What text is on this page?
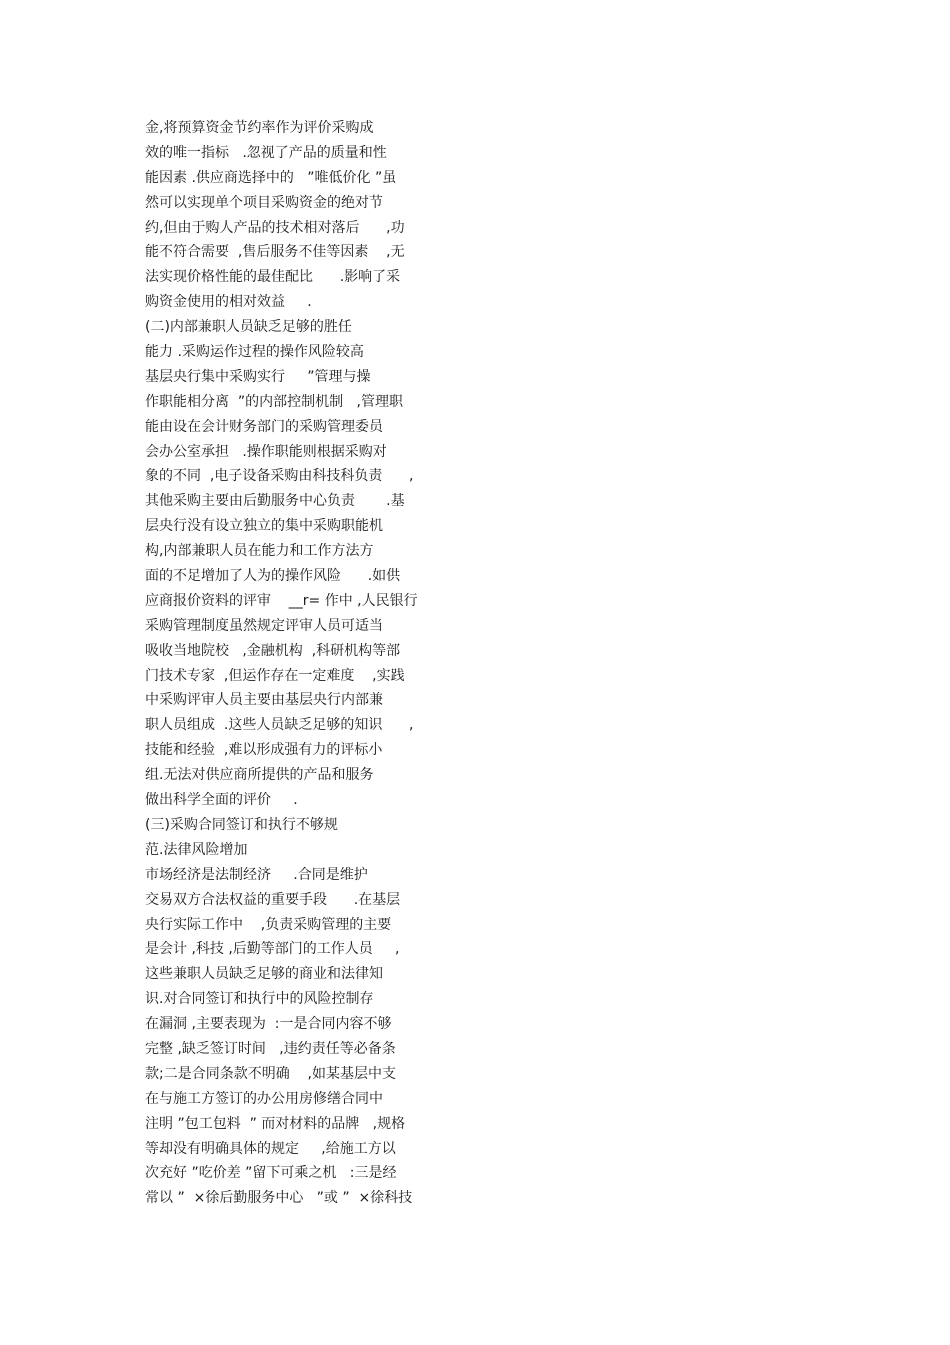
金,将预算资金节约率作为评价采购成
效的唯一指标   .忽视了产品的质量和性
能因素 .供应商选择中的   ”唯低价化 ”虽
然可以实现单个项目采购资金的绝对节
约,但由于购人产品的技术相对落后      ,功
能不符合需要  ,售后服务不佳等因素    ,无
法实现价格性能的最佳配比      .影响了采
购资金使用的相对效益     .
(二)内部兼职人员缺乏足够的胜任
能力 .采购运作过程的操作风险较高
基层央行集中采购实行     ”管理与操
作职能相分离  ”的内部控制机制   ,管理职
能由设在会计财务部门的采购管理委员
会办公室承担   .操作职能则根据采购对
象的不同  ,电子设备采购由科技科负责      ,
其他采购主要由后勤服务中心负责       .基
层央行没有设立独立的集中采购职能机
构,内部兼职人员在能力和工作方法方
面的不足增加了人为的操作风险      .如供
应商报价资料的评审    __r= 作中 ,人民银行
采购管理制度虽然规定评审人员可适当
吸收当地院校   ,金融机构  ,科研机构等部
门技术专家  ,但运作存在一定难度    ,实践
中采购评审人员主要由基层央行内部兼
职人员组成  .这些人员缺乏足够的知识      ,
技能和经验  ,难以形成强有力的评标小
组.无法对供应商所提供的产品和服务
做出科学全面的评价     .
(三)采购合同签订和执行不够规
范.法律风险增加
市场经济是法制经济     .合同是维护
交易双方合法权益的重要手段      .在基层
央行实际工作中    ,负责采购管理的主要
是会计 ,科技 ,后勤等部门的工作人员     ,
这些兼职人员缺乏足够的商业和法律知
识.对合同签订和执行中的风险控制存
在漏洞 ,主要表现为  :一是合同内容不够
完整 ,缺乏签订时间   ,违约责任等必备条
款;二是合同条款不明确    ,如某基层中支
在与施工方签订的办公用房修缮合同中
注明 ”包工包料  ” 而对材料的品牌   ,规格
等却没有明确具体的规定     ,给施工方以
次充好 ”吃价差 ”留下可乘之机   :三是经
常以 ”  ×徐后勤服务中心   ”或 ”  ×徐科技
